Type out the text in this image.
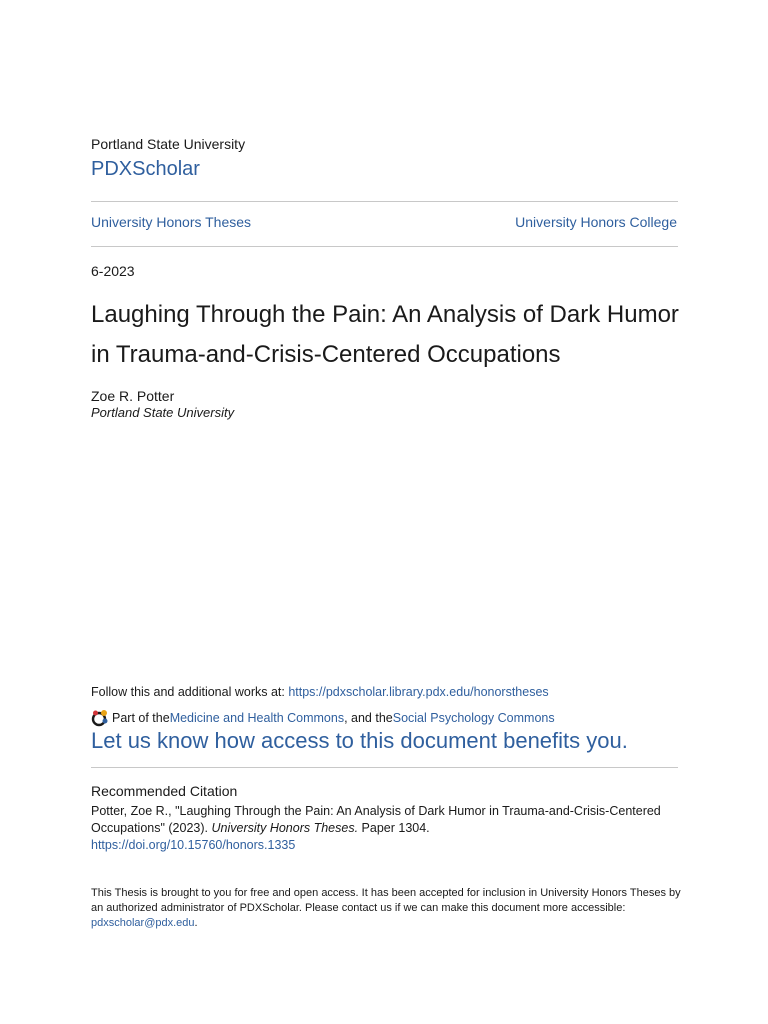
Portland State University
PDXScholar
University Honors Theses	University Honors College
6-2023
Laughing Through the Pain: An Analysis of Dark Humor in Trauma-and-Crisis-Centered Occupations
Zoe R. Potter
Portland State University
Follow this and additional works at: https://pdxscholar.library.pdx.edu/honorstheses
Part of the Medicine and Health Commons , and the Social Psychology Commons
Let us know how access to this document benefits you.
Recommended Citation
Potter, Zoe R., "Laughing Through the Pain: An Analysis of Dark Humor in Trauma-and-Crisis-Centered Occupations" (2023). University Honors Theses. Paper 1304.
https://doi.org/10.15760/honors.1335
This Thesis is brought to you for free and open access. It has been accepted for inclusion in University Honors Theses by an authorized administrator of PDXScholar. Please contact us if we can make this document more accessible: pdxscholar@pdx.edu.
